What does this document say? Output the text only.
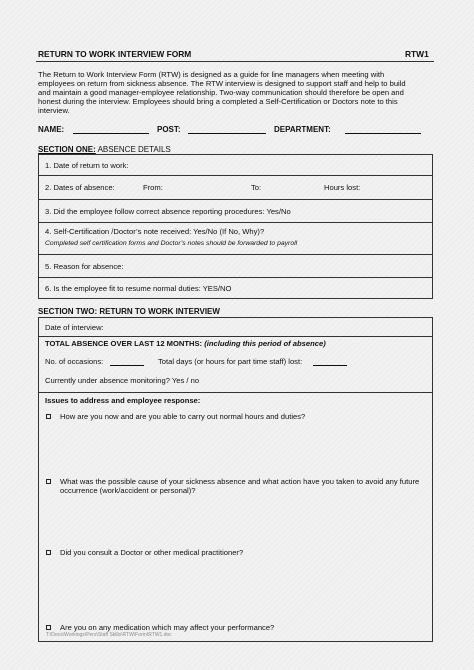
RETURN TO WORK INTERVIEW FORM	RTW1
The Return to Work Interview Form (RTW) is designed as a guide for line managers when meeting with
employees on return from sickness absence. The RTW interview is designed to support staff and help to build
and maintain a good manager-employee relationship. Two-way communication should therefore be open and
honest during the interview. Employees should bring a completed a Self-Certification or Doctors note to this
interview.
NAME:	POST:	DEPARTMENT:
SECTION ONE: ABSENCE DETAILS
1. Date of return to work:
2. Dates of absence:	From:	To:	Hours lost:
3. Did the employee follow correct absence reporting procedures: Yes/No
4. Self-Certification /Doctor’s note received: Yes/No (If No, Why)?
Completed self certification forms and Doctor’s notes should be forwarded to payroll
5. Reason for absence:
6. Is the employee fit to resume normal duties: YES/NO
SECTION TWO: RETURN TO WORK INTERVIEW
Date of interview:
TOTAL ABSENCE OVER LAST 12 MONTHS: (including this period of absence)
No. of occasions:	Total days (or hours for part time staff) lost:
Currently under absence monitoring? Yes / no
Issues to address and employee response:
How are you now and are you able to carry out normal hours and duties?
What was the possible cause of your sickness absence and what action have you taken to avoid any future
occurrence (work/accident or personal)?
Did you consult a Doctor or other medical practitioner?
Are you on any medication which may affect your performance?
T:\Docs\Workings\Pers\Staff Skills\RTW\Form\RTW1.doc
